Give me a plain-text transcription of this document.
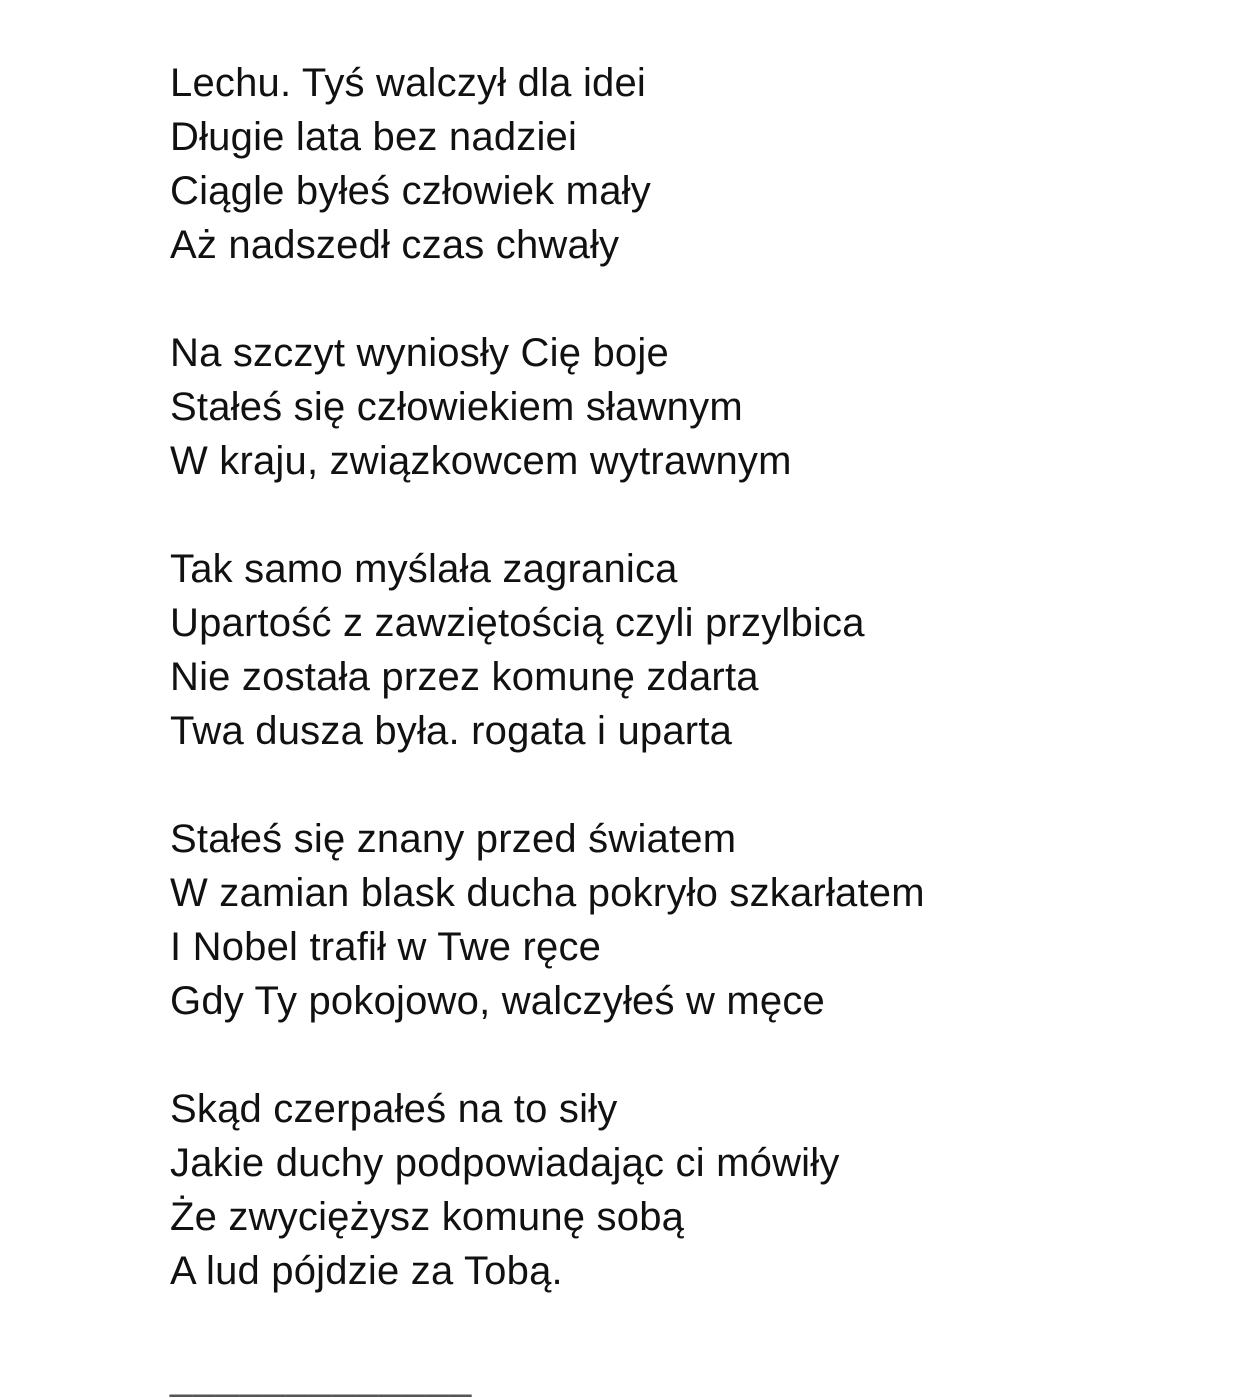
Lechu. Tyś walczył dla idei
Długie lata bez nadziei
Ciągle byłeś człowiek mały
Aż nadszedł czas chwały
Na szczyt wyniosły Cię boje
Stałeś się człowiekiem sławnym
W kraju, związkowcem wytrawnym
Tak samo myślała zagranica
Upartość z zawziętością czyli przylbica
Nie została przez komunę zdarta
Twa dusza była. rogata i uparta
Stałeś się znany przed światem
W zamian blask ducha pokryło szkarłatem
I Nobel trafił w Twe ręce
Gdy Ty pokojowo, walczyłeś w męce
Skąd czerpałeś na to siły
Jakie duchy podpowiadając ci mówiły
Że zwyciężysz komunę sobą
A lud pójdzie za Tobą.
_____________
